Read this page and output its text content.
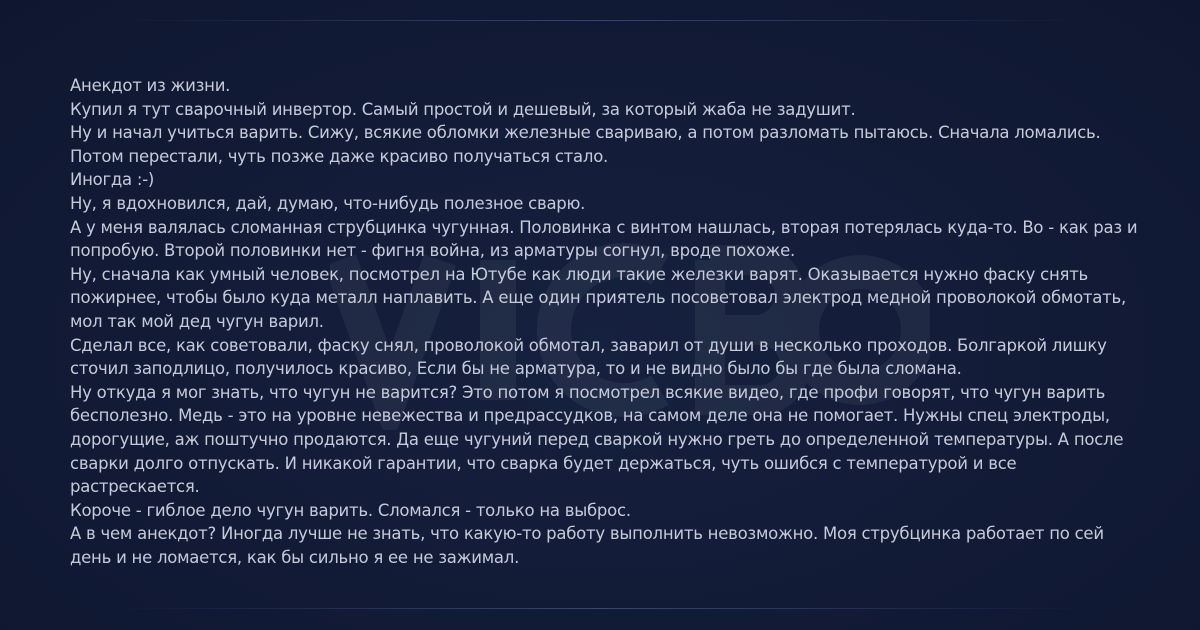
Анекдот из жизни.

Купил я тут сварочный инвертор. Самый простой и дешевый, за который жаба не задушит.

Ну и начал учиться варить. Сижу, всякие обломки железные свариваю, а потом разломать пытаюсь. Сначала ломались. Потом перестали, чуть позже даже красиво получаться стало.

Иногда :-)

Ну, я вдохновился, дай, думаю, что-нибудь полезное сварю.

А у меня валялась сломанная струбцинка чугунная. Половинка с винтом нашлась, вторая потерялась куда-то. Во - как раз и попробую. Второй половинки нет - фигня война, из арматуры согнул, вроде похоже.

Ну, сначала как умный человек, посмотрел на Ютубе как люди такие железки варят. Оказывается нужно фаску снять пожирнее, чтобы было куда металл наплавить. А еще один приятель посоветовал электрод медной проволокой обмотать, мол так мой дед чугун варил.

Сделал все, как советовали, фаску снял, проволокой обмотал, заварил от души в несколько проходов. Болгаркой лишку сточил заподлицо, получилось красиво, Если бы не арматура, то и не видно было бы где была сломана.

Ну откуда я мог знать, что чугун не варится? Это потом я посмотрел всякие видео, где профи говорят, что чугун варить бесполезно. Медь - это на уровне невежества и предрассудков, на самом деле она не помогает. Нужны спец электроды, дорогущие, аж поштучно продаются. Да еще чугуний перед сваркой нужно греть до определенной температуры. А после сварки долго отпускать. И никакой гарантии, что сварка будет держаться, чуть ошибся с температурой и все растрескается.

Короче - гиблое дело чугун варить. Сломался - только на выброс.

А в чем анекдот? Иногда лучше не знать, что какую-то работу выполнить невозможно. Моя струбцинка работает по сей день и не ломается, как бы сильно я ее не зажимал.
